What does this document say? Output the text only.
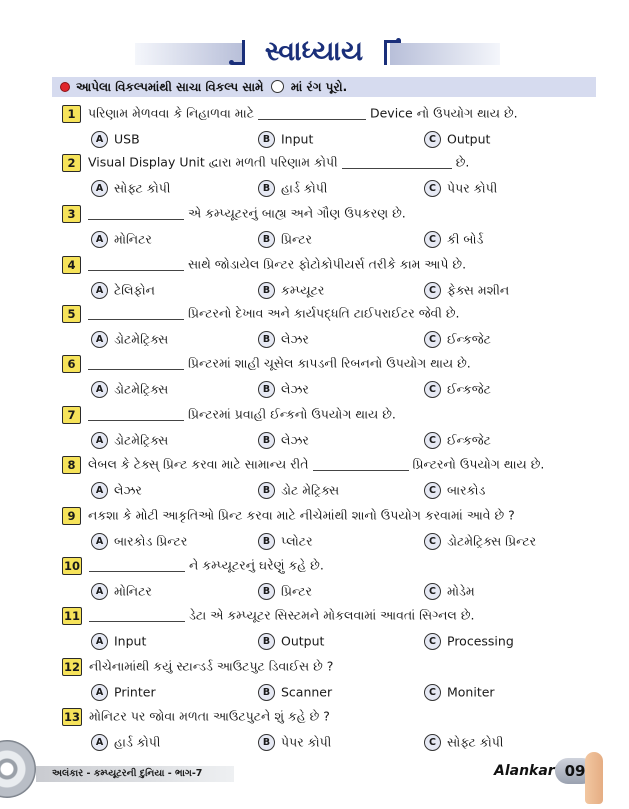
સ્વાધ્યાય
આપેલા વિકલ્પમાંથી સાચા વિકલ્પ સામે માં રંગ પૂરો.
1 પરિણામ મેળવવા કે નિહાળવા માટે	Device નો ઉપયોગ થાય છે.
A USB	B Input	C Output
2 Visual Display Unit દ્વારા મળતી પરિણામ કોપી	છે.
A સોફ્ટ કોપી	B હાર્ડ કોપી	C પેપર કોપી
3	એ કમ્પ્યૂટરનું બાહ્ય અને ગૌણ ઉપકરણ છે.
A મોનિટર	B પ્રિન્ટર	C કી બોર્ડ
4	સાથે જોડાયેલ પ્રિન્ટર ફોટોકોપીયર્સ તરીકે કામ આપે છે.
A ટેલિફોન	B કમ્પ્યૂટર	C ફેક્સ મશીન
5	પ્રિન્ટરનો દેખાવ અને કાર્યપદ્ધતિ ટાઈપરાઈટર જેવી છે.
A ડોટમેટ્રિક્સ	B લેઝર	C ઈન્કજેટ
6	પ્રિન્ટરમાં શાહી ચૂસેલ કાપડની રિબનનો ઉપયોગ થાય છે.
A ડોટમેટ્રિક્સ	B લેઝર	C ઈન્કજેટ
7	પ્રિન્ટરમાં પ્રવાહી ઈન્કનો ઉપયોગ થાય છે.
A ડોટમેટ્રિક્સ	B લેઝર	C ઈન્કજેટ
8 લેબલ કે ટેક્સ્ પ્રિન્ટ કરવા માટે સામાન્ય રીતે	પ્રિન્ટરનો ઉપયોગ થાય છે.
A લેઝર	B ડોટ મેટ્રિક્સ	C બારકોડ
9 નકશા કે મોટી આકૃતિઓ પ્રિન્ટ કરવા માટે નીચેમાંથી શાનો ઉપયોગ કરવામાં આવે છે ?
A બારકોડ પ્રિન્ટર	B પ્લોટર	C ડોટમેટ્રિક્સ પ્રિન્ટર
10	ને કમ્પ્યૂટરનું ઘરેણું કહે છે.
A મોનિટર	B પ્રિન્ટર	C મોડેમ
11	ડેટા એ કમ્પ્યૂટર સિસ્ટમને મોકલવામાં આવતાં સિગ્નલ છે.
A Input	B Output	C Processing
12 નીચેનામાંથી કયું સ્ટાન્ડર્ડ આઉટપુટ ડિવાઈસ છે ?
A Printer	B Scanner	C Moniter
13 મોનિટર પર જોવા મળતા આઉટપુટને શું કહે છે ?
A હાર્ડ કોપી	B પેપર કોપી	C સોફ્ટ કોપી
અલંકાર - કમ્પ્યૂટરની દુનિયા - ભાગ-7	Alankar 09
